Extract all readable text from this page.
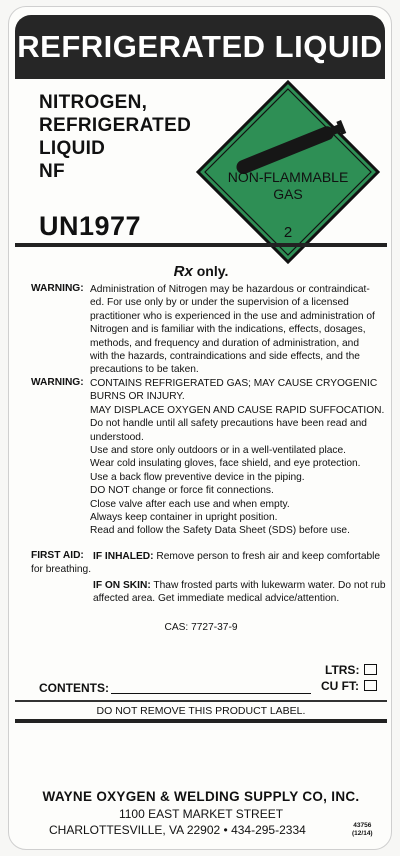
REFRIGERATED LIQUID
NITROGEN,
REFRIGERATED
LIQUID
NF
UN1977
NON-FLAMMABLE
GAS
2
Rx only.
WARNING: Administration of Nitrogen may be hazardous or contraindicat-
ed. For use only by or under the supervision of a licensed
practitioner who is experienced in the use and administration of
Nitrogen and is familiar with the indications, effects, dosages,
methods, and frequency and duration of administration, and
with the hazards, contraindications and side effects, and the
precautions to be taken.
WARNING: CONTAINS REFRIGERATED GAS; MAY CAUSE CRYOGENIC
BURNS OR INJURY.
MAY DISPLACE OXYGEN AND CAUSE RAPID SUFFOCATION.
Do not handle until all safety precautions have been read and
understood.
Use and store only outdoors or in a well-ventilated place.
Wear cold insulating gloves, face shield, and eye protection.
Use a back flow preventive device in the piping.
DO NOT change or force fit connections.
Close valve after each use and when empty.
Always keep container in upright position.
Read and follow the Safety Data Sheet (SDS) before use.
FIRST AID: IF INHALED: Remove person to fresh air and keep comfortable
for breathing.
IF ON SKIN: Thaw frosted parts with lukewarm water. Do not rub
affected area. Get immediate medical advice/attention.
CAS: 7727-37-9
LTRS:
CU FT:
CONTENTS:
DO NOT REMOVE THIS PRODUCT LABEL.
WAYNE OXYGEN & WELDING SUPPLY CO, INC.
1100 EAST MARKET STREET
CHARLOTTESVILLE, VA 22902 • 434-295-2334	43756
(12/14)
